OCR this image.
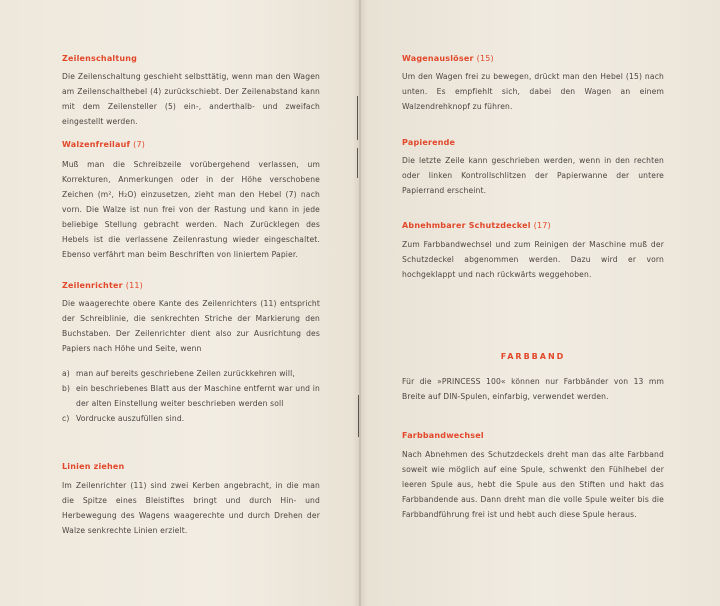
Zeilenschaltung

Die Zeilenschaltung geschieht selbsttätig, wenn man den Wagen am Zeilenschalthebel (4) zurückschiebt. Der Zeilenabstand kann mit dem Zeilensteller (5) ein-, anderthalb- und zweifach eingestellt werden.

Walzenfreilauf (7)

Muß man die Schreibzeile vorübergehend verlassen, um Korrekturen, Anmerkungen oder in der Höhe verschobene Zeichen (m², H₂O) einzusetzen, zieht man den Hebel (7) nach vorn. Die Walze ist nun frei von der Rastung und kann in jede beliebige Stellung gebracht werden. Nach Zurücklegen des Hebels ist die verlassene Zeilenrastung wieder eingeschaltet. Ebenso verfährt man beim Beschriften von liniertem Papier.

Zeilenrichter (11)

Die waagerechte obere Kante des Zeilenrichters (11) entspricht der Schreiblinie, die senkrechten Striche der Markierung den Buchstaben. Der Zeilenrichter dient also zur Ausrichtung des Papiers nach Höhe und Seite, wenn

a) man auf bereits geschriebene Zeilen zurückkehren will,
b) ein beschriebenes Blatt aus der Maschine entfernt war und in der alten Einstellung weiter beschrieben werden soll
c) Vordrucke auszufüllen sind.
Linien ziehen

Im Zeilenrichter (11) sind zwei Kerben angebracht, in die man die Spitze eines Bleistiftes bringt und durch Hin- und Herbewegung des Wagens waagerechte und durch Drehen der Walze senkrechte Linien erzielt.

Wagenauslöser (15)

Um den Wagen frei zu bewegen, drückt man den Hebel (15) nach unten. Es empfiehlt sich, dabei den Wagen an einem Walzendrehknopf zu führen.

Papierende

Die letzte Zeile kann geschrieben werden, wenn in den rechten oder linken Kontrollschlitzen der Papierwanne der untere Papierrand erscheint.

Abnehmbarer Schutzdeckel (17)

Zum Farbbandwechsel und zum Reinigen der Maschine muß der Schutzdeckel abgenommen werden. Dazu wird er vorn hochgeklappt und nach rückwärts weggehoben.

FARBBAND

Für die »PRINCESS 100« können nur Farbbänder von 13 mm Breite auf DIN-Spulen, einfarbig, verwendet werden.

Farbbandwechsel

Nach Abnehmen des Schutzdeckels dreht man das alte Farbband soweit wie möglich auf eine Spule, schwenkt den Fühlhebel der leeren Spule aus, hebt die Spule aus den Stiften und hakt das Farbbandende aus. Dann dreht man die volle Spule weiter bis die Farbbandführung frei ist und hebt auch diese Spule heraus.
